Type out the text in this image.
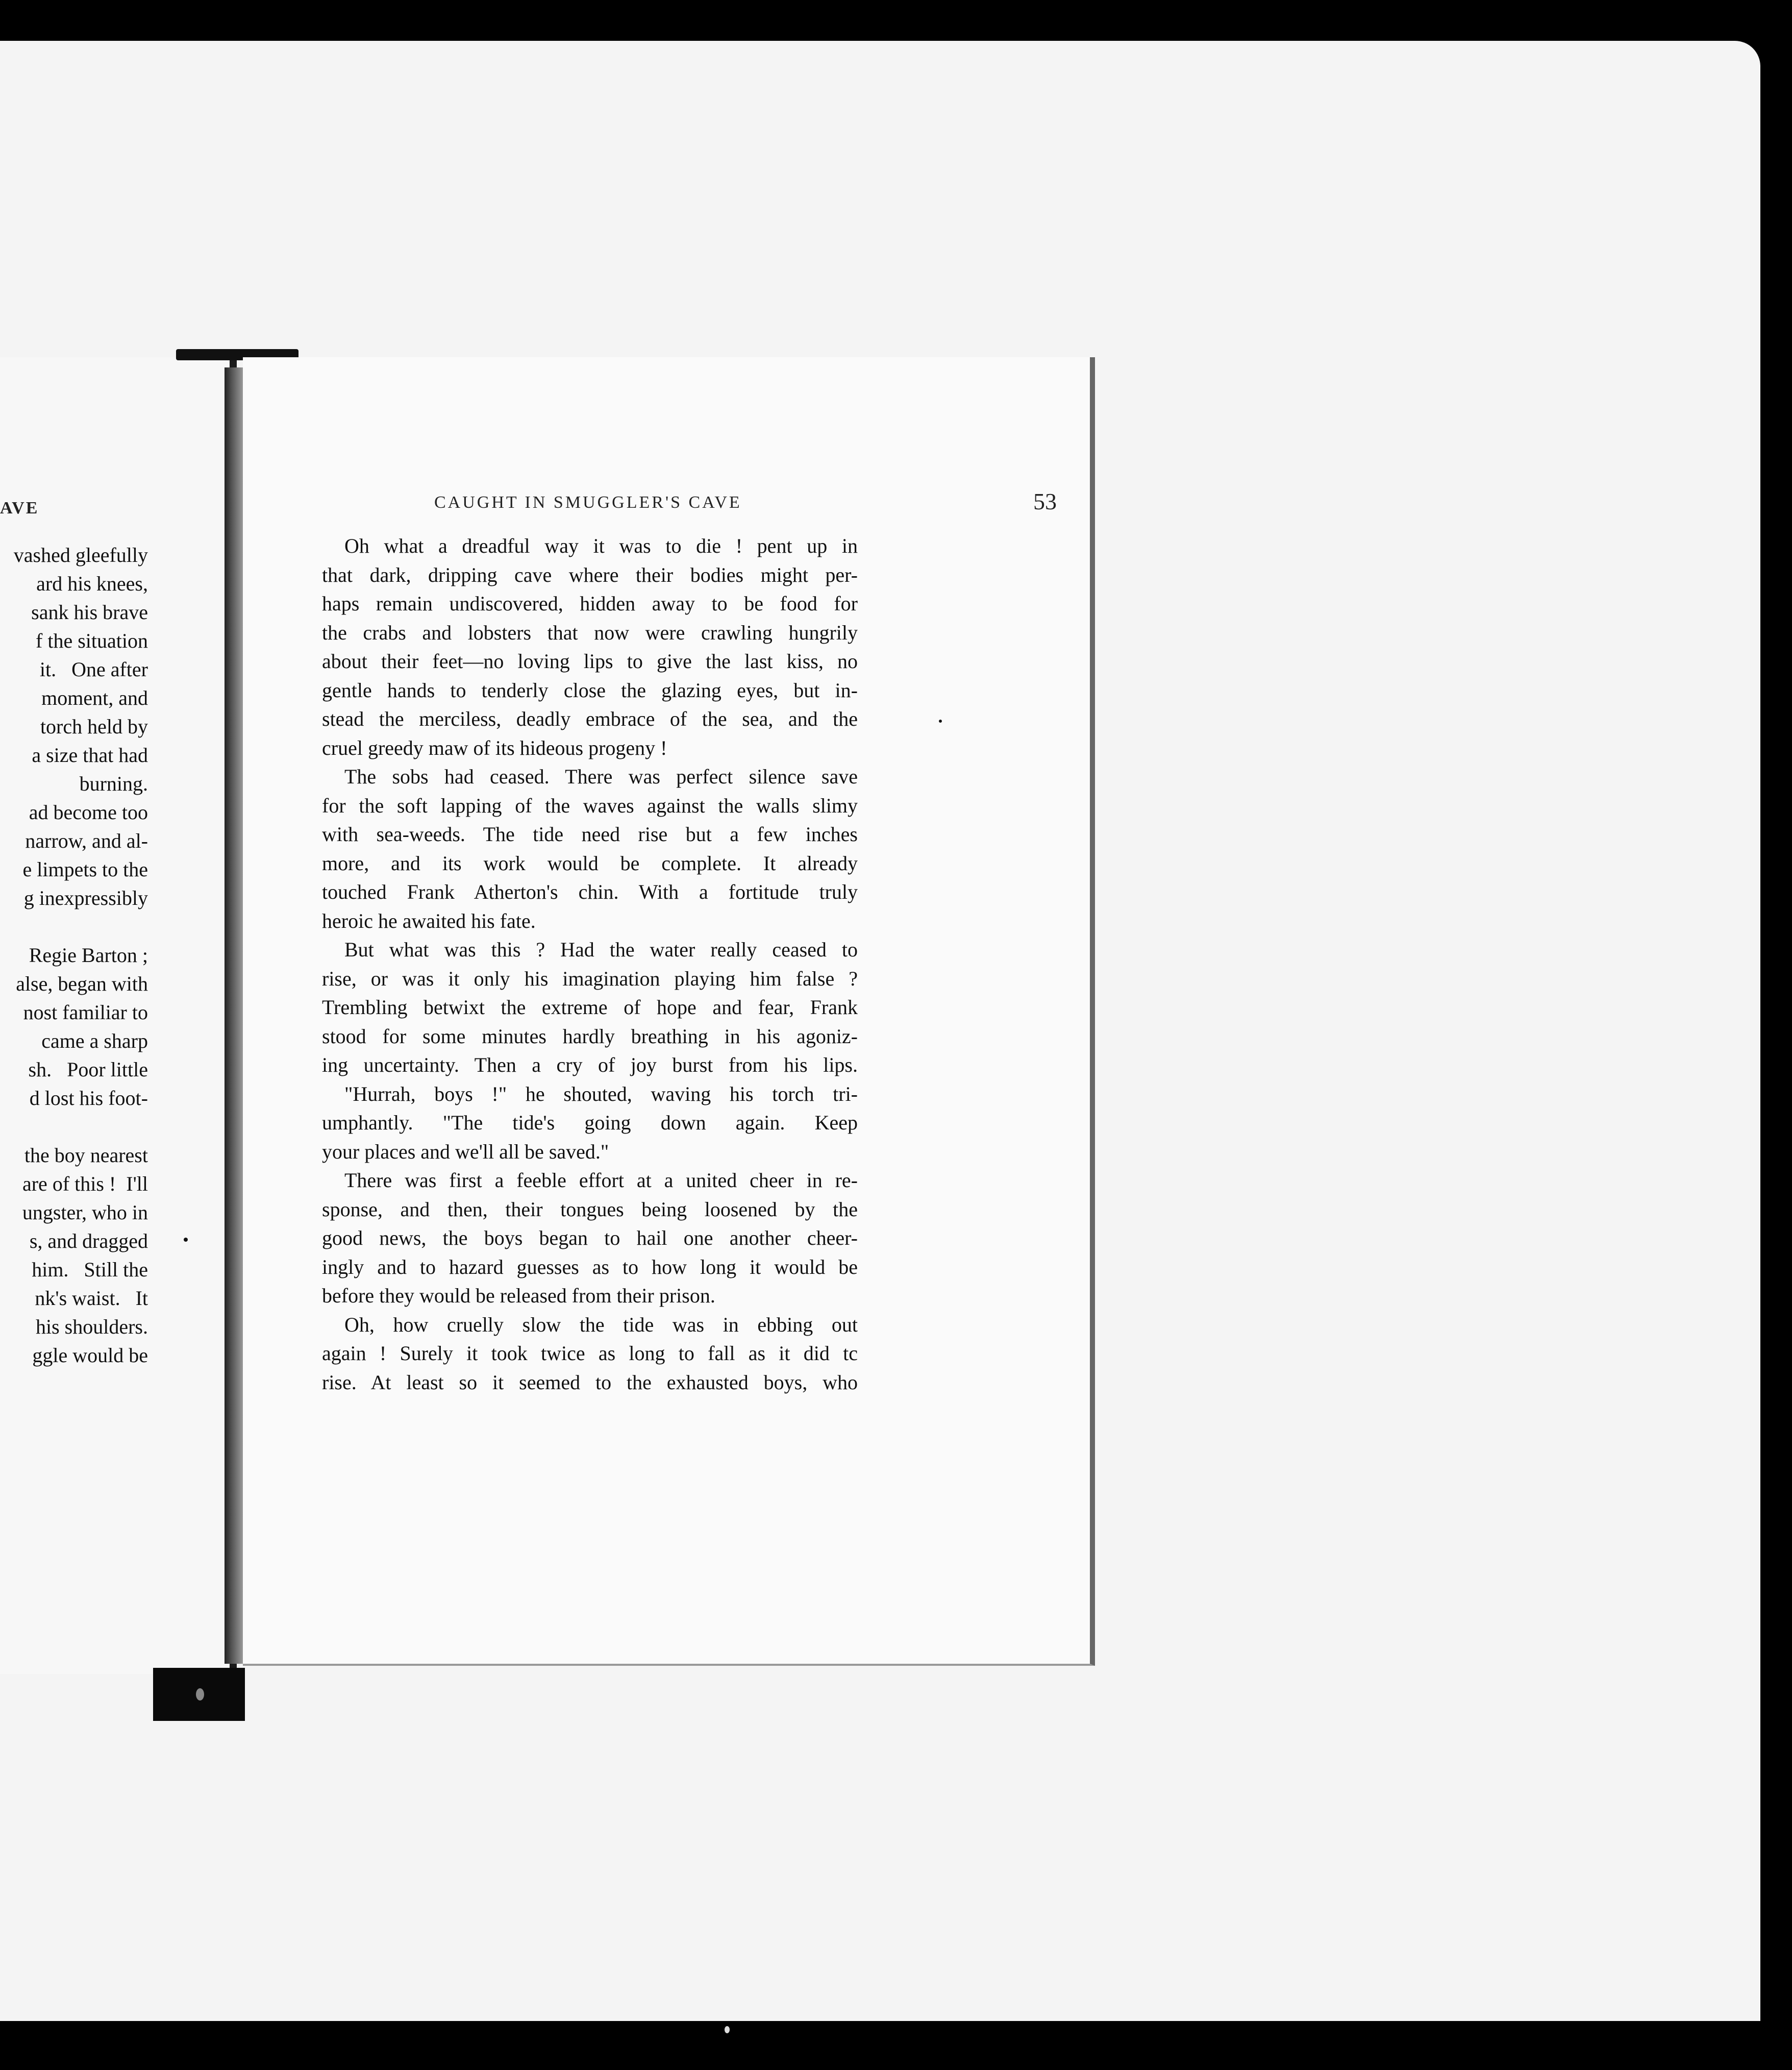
AVE
vashed gleefully
ard his knees,
sank his brave
f the situation
it.   One after
moment, and
torch held by
a size that had
burning.
ad become too
narrow, and al-
e limpets to the
g inexpressibly
Regie Barton ;
alse, began with
nost familiar to
came a sharp
sh.   Poor little
d lost his foot-
the boy nearest
are of this !  I'll
ungster, who in
s, and dragged
him.   Still the
nk's waist.   It
his shoulders.
ggle would be
CAUGHT IN SMUGGLER'S CAVE	53
Oh what a dreadful way it was to die ! pent up in
that dark, dripping cave where their bodies might per-
haps remain undiscovered, hidden away to be food for
the crabs and lobsters that now were crawling hungrily
about their feet—no loving lips to give the last kiss, no
gentle hands to tenderly close the glazing eyes, but in-
stead the merciless, deadly embrace of the sea, and the
cruel greedy maw of its hideous progeny !
The sobs had ceased. There was perfect silence save
for the soft lapping of the waves against the walls slimy
with sea-weeds. The tide need rise but a few inches
more, and its work would be complete. It already
touched Frank Atherton's chin. With a fortitude truly
heroic he awaited his fate.
But what was this ? Had the water really ceased to
rise, or was it only his imagination playing him false ?
Trembling betwixt the extreme of hope and fear, Frank
stood for some minutes hardly breathing in his agoniz-
ing uncertainty. Then a cry of joy burst from his lips.
"Hurrah, boys !" he shouted, waving his torch tri-
umphantly. "The tide's going down again. Keep
your places and we'll all be saved."
There was first a feeble effort at a united cheer in re-
sponse, and then, their tongues being loosened by the
good news, the boys began to hail one another cheer-
ingly and to hazard guesses as to how long it would be
before they would be released from their prison.
Oh, how cruelly slow the tide was in ebbing out
again ! Surely it took twice as long to fall as it did tc
rise. At least so it seemed to the exhausted boys, who
